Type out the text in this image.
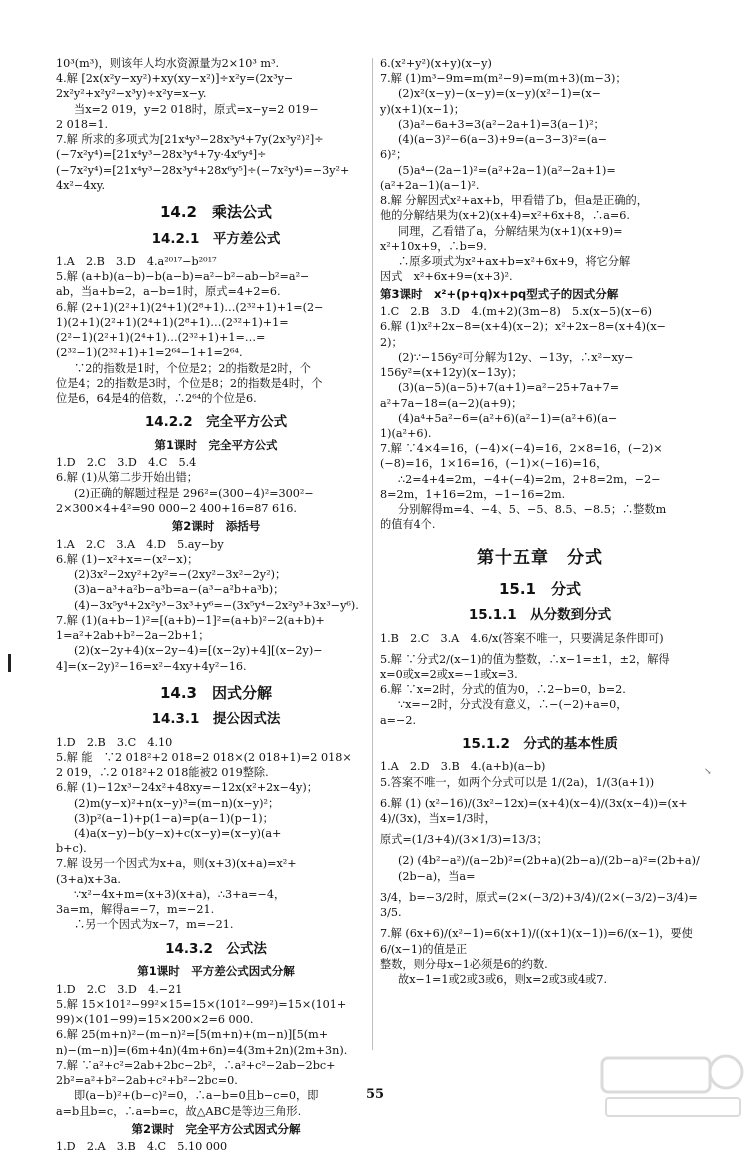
10³(m³)，则该年人均水资源量为2×10³ m³.
4.解 [2x(x²y−xy²)+xy(xy−x²)]÷x²y=(2x³y−
2x²y²+x²y²−x³y)÷x²y=x−y.
当x=2 019，y=2 018时，原式=x−y=2 019−
2 018=1.
7.解 所求的多项式为[21x⁴y³−28x³y⁴+7y(2x³y²)²]÷
(−7x²y⁴)=[21x⁴y³−28x³y⁴+7y·4x⁶y⁴]÷
(−7x²y⁴)=[21x⁴y³−28x³y⁴+28x⁶y⁵]÷(−7x²y⁴)=−3y²+
4x²−4xy.
14.2　乘法公式
14.2.1　平方差公式
1.A　2.B　3.D　4.a²⁰¹⁷−b²⁰¹⁷
5.解 (a+b)(a−b)−b(a−b)=a²−b²−ab−b²=a²−
ab，当a+b=2，a−b=1时，原式=4+2=6.
6.解 (2+1)(2²+1)(2⁴+1)(2⁸+1)…(2³²+1)+1=(2−
1)(2+1)(2²+1)(2⁴+1)(2⁸+1)…(2³²+1)+1=
(2²−1)(2²+1)(2⁴+1)…(2³²+1)+1=…=
(2³²−1)(2³²+1)+1=2⁶⁴−1+1=2⁶⁴.
∵2的指数是1时，个位是2；2的指数是2时，个
位是4；2的指数是3时，个位是8；2的指数是4时，个
位是6，64是4的倍数，∴2⁶⁴的个位是6.
14.2.2　完全平方公式
第1课时　完全平方公式
1.D　2.C　3.D　4.C　5.4
6.解 (1)从第二步开始出错；
(2)正确的解题过程是 296²=(300−4)²=300²−
2×300×4+4²=90 000−2 400+16=87 616.
第2课时　添括号
1.A　2.C　3.A　4.D　5.ay−by
6.解 (1)−x²+x=−(x²−x)；
(2)3x²−2xy²+2y²=−(2xy²−3x²−2y²)；
(3)a−a³+a²b−a³b=a−(a³−a²b+a³b)；
(4)−3x⁵y⁴+2x²y³−3x³+y⁶=−(3x⁵y⁴−2x²y³+3x³−y⁶).
7.解 (1)(a+b−1)²=[(a+b)−1]²=(a+b)²−2(a+b)+
1=a²+2ab+b²−2a−2b+1；
(2)(x−2y+4)(x−2y−4)=[(x−2y)+4][(x−2y)−
4]=(x−2y)²−16=x²−4xy+4y²−16.
14.3　因式分解
14.3.1　提公因式法
1.D　2.B　3.C　4.10
5.解 能　∵2 018²+2 018=2 018×(2 018+1)=2 018×
2 019，∴2 018²+2 018能被2 019整除.
6.解 (1)−12x³−24x²+48xy=−12x(x²+2x−4y)；
(2)m(y−x)²+n(x−y)³=(m−n)(x−y)²；
(3)p²(a−1)+p(1−a)=p(a−1)(p−1)；
(4)a(x−y)−b(y−x)+c(x−y)=(x−y)(a+
b+c).
7.解 设另一个因式为x+a，则(x+3)(x+a)=x²+
(3+a)x+3a.
∵x²−4x+m=(x+3)(x+a)，∴3+a=−4，
3a=m，解得a=−7，m=−21.
∴另一个因式为x−7，m=−21.
14.3.2　公式法
第1课时　平方差公式因式分解
1.D　2.C　3.D　4.−21
5.解 15×101²−99²×15=15×(101²−99²)=15×(101+
99)×(101−99)=15×200×2=6 000.
6.解 25(m+n)²−(m−n)²=[5(m+n)+(m−n)][5(m+
n)−(m−n)]=(6m+4n)(4m+6n)=4(3m+2n)(2m+3n).
7.解 ∵a²+c²=2ab+2bc−2b²，∴a²+c²−2ab−2bc+
2b²=a²+b²−2ab+c²+b²−2bc=0.
即(a−b)²+(b−c)²=0，∴a−b=0且b−c=0，即
a=b且b=c，∴a=b=c，故△ABC是等边三角形.
第2课时　完全平方公式因式分解
1.D　2.A　3.B　4.C　5.10 000
6.(x²+y²)(x+y)(x−y)
7.解 (1)m³−9m=m(m²−9)=m(m+3)(m−3)；
(2)x²(x−y)−(x−y)=(x−y)(x²−1)=(x−
y)(x+1)(x−1)；
(3)a²−6a+3=3(a²−2a+1)=3(a−1)²；
(4)(a−3)²−6(a−3)+9=(a−3−3)²=(a−
6)²；
(5)a⁴−(2a−1)²=(a²+2a−1)(a²−2a+1)=
(a²+2a−1)(a−1)².
8.解 分解因式x²+ax+b，甲看错了b，但a是正确的，
他的分解结果为(x+2)(x+4)=x²+6x+8，∴a=6.
同理，乙看错了a，分解结果为(x+1)(x+9)=
x²+10x+9，∴b=9.
∴原多项式为x²+ax+b=x²+6x+9，将它分解
因式　x²+6x+9=(x+3)².
第3课时　x²+(p+q)x+pq型式子的因式分解
1.C　2.B　3.D　4.(m+2)(3m−8)　5.x(x−5)(x−6)
6.解 (1)x²+2x−8=(x+4)(x−2)；x²+2x−8=(x+4)(x−
2)；
(2)∵−156y²可分解为12y、−13y，∴x²−xy−
156y²=(x+12y)(x−13y)；
(3)(a−5)(a−5)+7(a+1)=a²−25+7a+7=
a²+7a−18=(a−2)(a+9)；
(4)a⁴+5a²−6=(a²+6)(a²−1)=(a²+6)(a−
1)(a²+6).
7.解 ∵4×4=16，(−4)×(−4)=16，2×8=16，(−2)×
(−8)=16，1×16=16，(−1)×(−16)=16，
∴2=4+4=2m，−4+(−4)=2m，2+8=2m，−2−
8=2m，1+16=2m，−1−16=2m.
分别解得m=4、−4、5、−5、8.5、−8.5；∴整数m
的值有4个.
第十五章　分式
15.1　分式
15.1.1　从分数到分式
1.B　2.C　3.A　4.6/x(答案不唯一，只要满足条件即可)
5.解 ∵分式2/(x−1)的值为整数，∴x−1=±1，±2，解得
x=0或x=2或x=−1或x=3.
6.解 ∵x=2时，分式的值为0，∴2−b=0，b=2.
∵x=−2时，分式没有意义，∴−(−2)+a=0，
a=−2.
15.1.2　分式的基本性质
1.A　2.D　3.B　4.(a+b)(a−b)
5.答案不唯一，如两个分式可以是 1/(2a)，1/(3(a+1))
6.解 (1) (x²−16)/(3x²−12x)=(x+4)(x−4)/(3x(x−4))=(x+4)/(3x)，当x=1/3时，
原式=(1/3+4)/(3×1/3)=13/3；
(2) (4b²−a²)/(a−2b)²=(2b+a)(2b−a)/(2b−a)²=(2b+a)/(2b−a)，当a=
3/4，b=−3/2时，原式=(2×(−3/2)+3/4)/(2×(−3/2)−3/4)=3/5.
7.解 (6x+6)/(x²−1)=6(x+1)/((x+1)(x−1))=6/(x−1)，要使6/(x−1)的值是正
整数，则分母x−1必须是6的约数.
故x−1=1或2或3或6，则x=2或3或4或7.
↘
55
